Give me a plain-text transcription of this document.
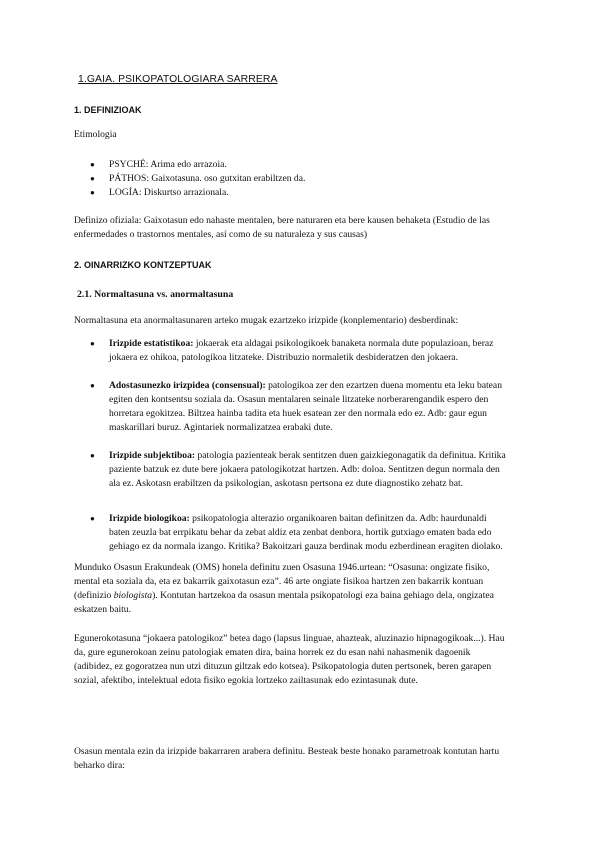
1.GAIA. PSIKOPATOLOGIARA SARRERA
1. DEFINIZIOAK
Etimologia
● PSYCHÉ: Arima edo arrazoia.
● PÁTHOS: Gaixotasuna. oso gutxitan erabiltzen da.
● LOGÍA: Diskurtso arrazionala.
Definizo ofiziala: Gaixotasun edo nahaste mentalen, bere naturaren eta bere kausen behaketa (Estudio de las
enfermedades o trastornos mentales, así como de su naturaleza y sus causas)
2. OINARRIZKO KONTZEPTUAK
2.1. Normaltasuna vs. anormaltasuna
Normaltasuna eta anormaltasunaren arteko mugak ezartzeko irizpide (konplementario) desberdinak:
● Irizpide estatistikoa: jokaerak eta aldagai psikologikoek banaketa normala dute populazioan, beraz
jokaera ez ohikoa, patologikoa litzateke. Distribuzio normaletik desbideratzen den jokaera.
● Adostasunezko irizpidea (consensual): patologikoa zer den ezartzen duena momentu eta leku batean
egiten den kontsentsu soziala da. Osasun mentalaren seinale litzateke norberarengandik espero den
horretara egokitzea. Biltzea hainba tadita eta huek esatean zer den normala edo ez. Adb: gaur egun
maskarillari buruz. Agintariek normalizatzea erabaki dute.
● Irizpide subjektiboa: patologia pazienteak berak sentitzen duen gaizkiegonagatik da definitua. Kritika
paziente batzuk ez dute bere jokaera patologikotzat hartzen. Adb: doloa. Sentitzen degun normala den
ala ez. Askotasn erabiltzen da psikologian, askotasn pertsona ez dute diagnostiko zehatz bat.
● Irizpide biologikoa: psikopatologia alterazio organikoaren baitan definitzen da. Adb: haurdunaldi
baten zeuzla bat errpikatu behar da zebat aldiz eta zenbat denbora, hortik gutxiago ematen bada edo
gehiago ez da normala izango. Kritika? Bakoitzari gauza berdinak modu ezberdinean eragiten diolako.
Munduko Osasun Erakundeak (OMS) honela definitu zuen Osasuna 1946.urtean: “Osasuna: ongizate fisiko,
mental eta soziala da, eta ez bakarrik gaixotasun eza”. 46 arte ongiate fisikoa hartzen zen bakarrik kontuan
(definizio biologista). Kontutan hartzekoa da osasun mentala psikopatologi eza baina gehiago dela, ongizatea
eskatzen baitu.
Egunerokotasuna “jokaera patologikoz” betea dago (lapsus linguae, ahazteak, aluzinazio hipnagogikoak...). Hau
da, gure egunerokoan zeinu patologiak ematen dira, baina horrek ez du esan nahi nahasmenik dagoenik
(adibidez, ez gogoratzea nun utzi dituzun giltzak edo kotsea). Psikopatologia duten pertsonek, beren garapen
sozial, afektibo, intelektual edota fisiko egokia lortzeko zailtasunak edo ezintasunak dute.
Osasun mentala ezin da irizpide bakarraren arabera definitu. Besteak beste honako parametroak kontutan hartu
beharko dira:
